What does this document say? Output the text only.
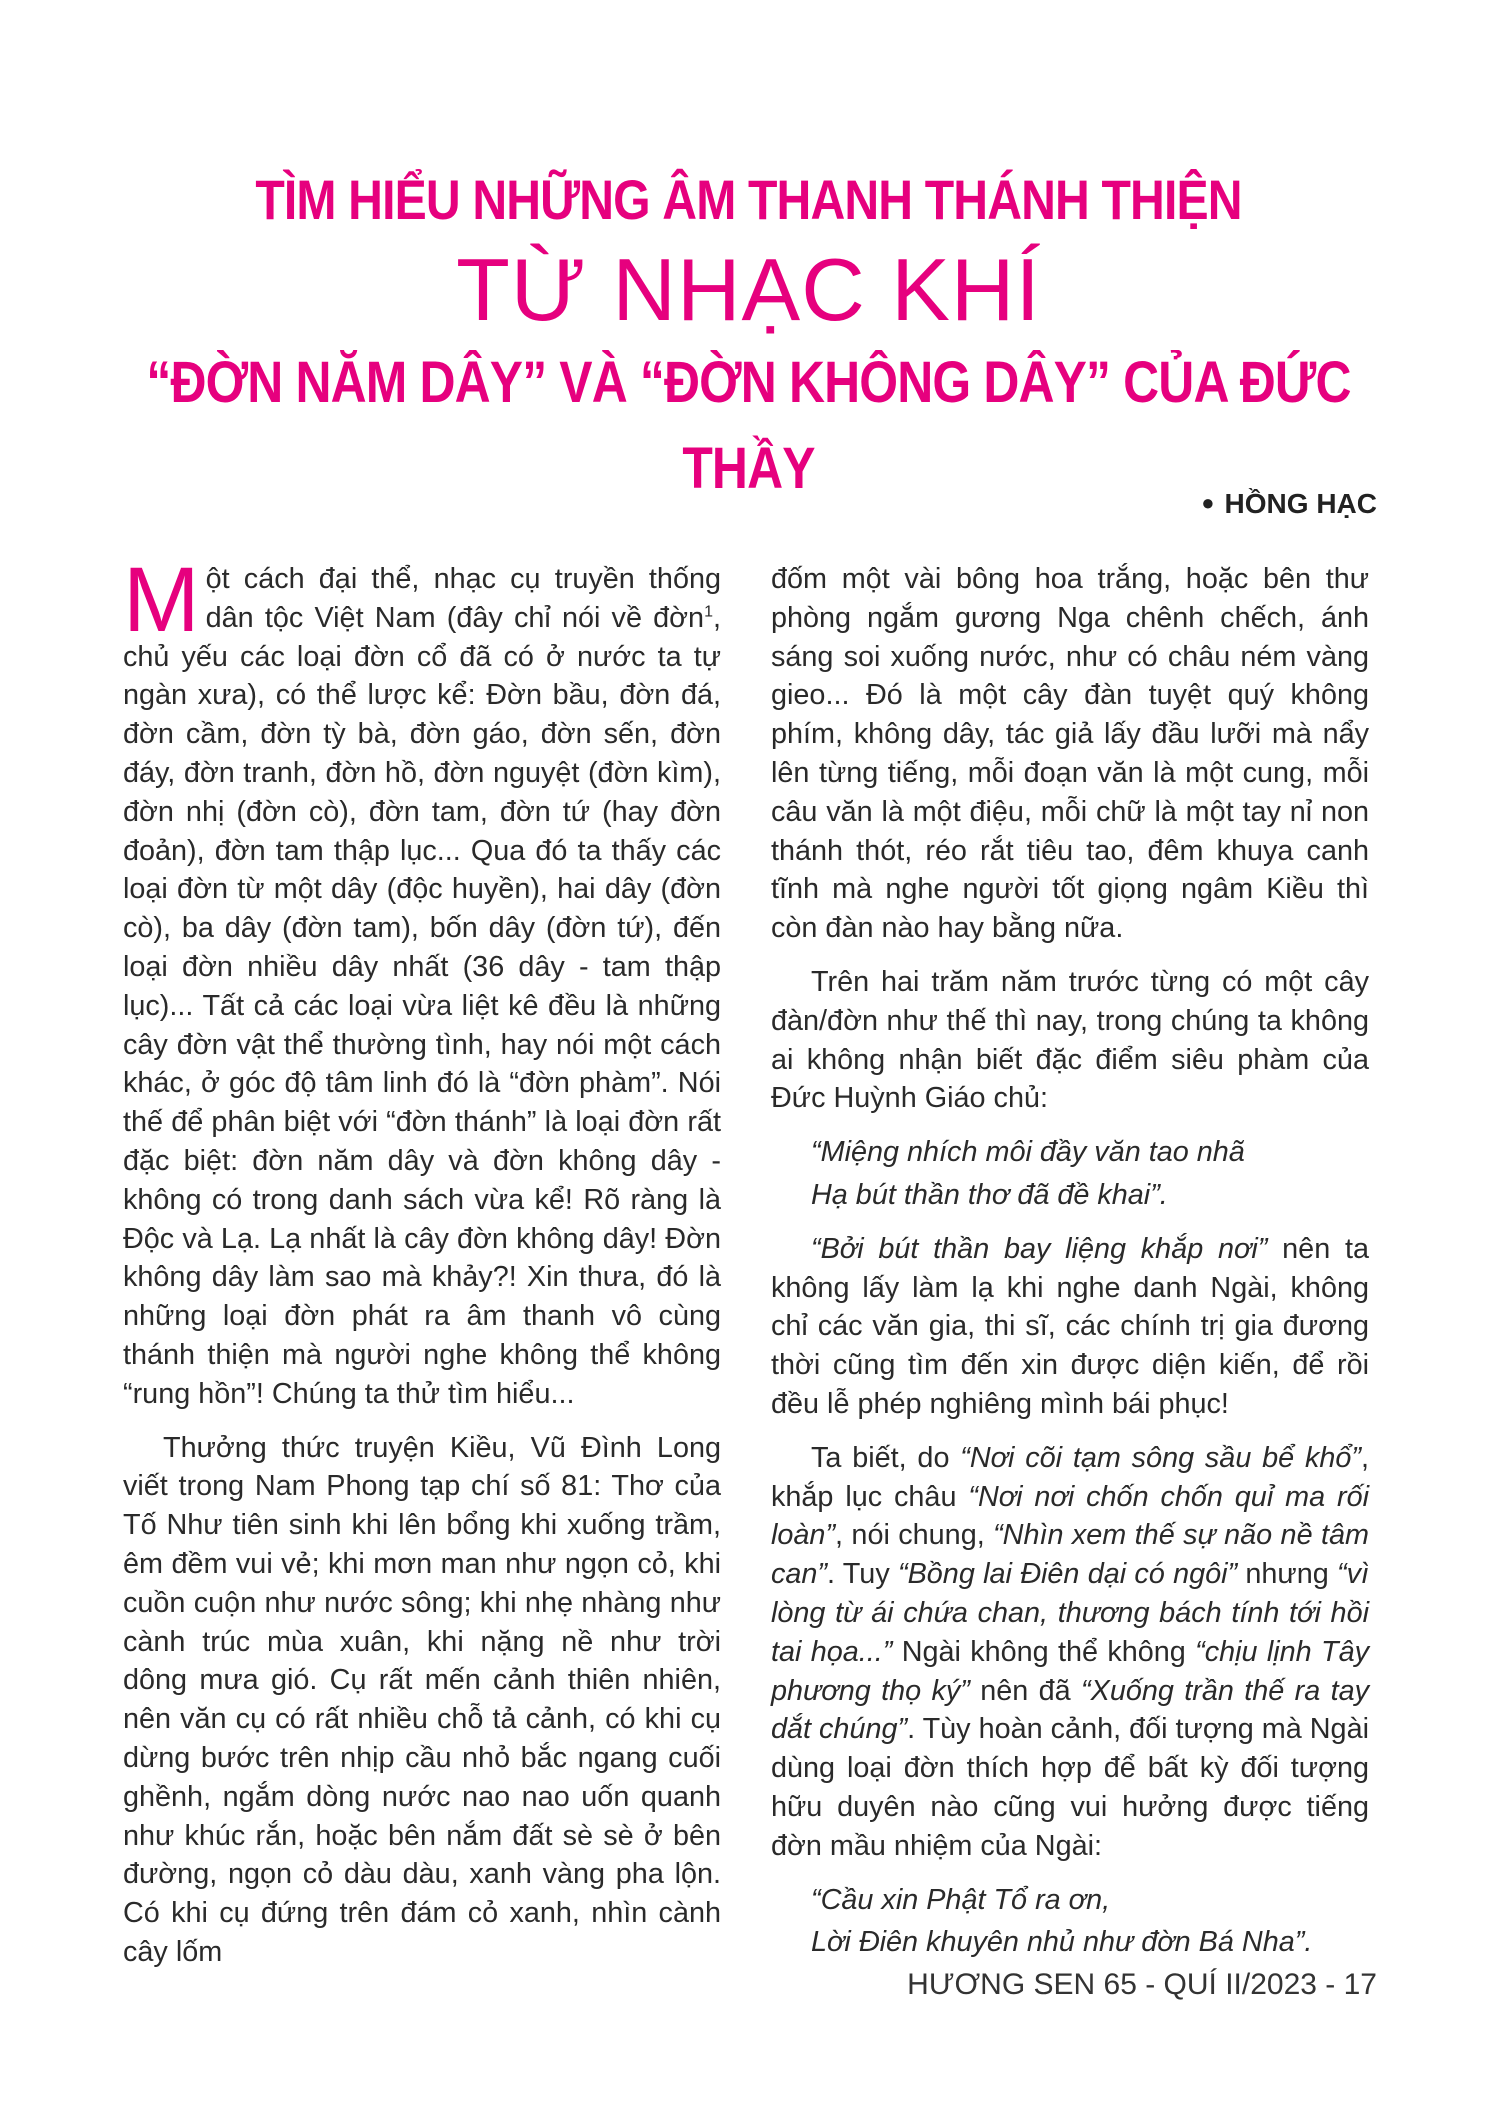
TÌM HIỂU NHỮNG ÂM THANH THÁNH THIỆN
TỪ NHẠC KHÍ
“ĐỜN NĂM DÂY” VÀ “ĐỜN KHÔNG DÂY” CỦA ĐỨC THẦY
● HỒNG HẠC

Một cách đại thể, nhạc cụ truyền thống dân tộc Việt Nam (đây chỉ nói về đờn$^1$, chủ yếu các loại đờn cổ đã có ở nước ta tự ngàn xưa), có thể lược kể: Đờn bầu, đờn đá, đờn cầm, đờn tỳ bà, đờn gáo, đờn sến, đờn đáy, đờn tranh, đờn hồ, đờn nguyệt (đờn kìm), đờn nhị (đờn cò), đờn tam, đờn tứ (hay đờn đoản), đờn tam thập lục... Qua đó ta thấy các loại đờn từ một dây (độc huyền), hai dây (đờn cò), ba dây (đờn tam), bốn dây (đờn tứ), đến loại đờn nhiều dây nhất (36 dây - tam thập lục)... Tất cả các loại vừa liệt kê đều là những cây đờn vật thể thường tình, hay nói một cách khác, ở góc độ tâm linh đó là “đờn phàm”. Nói thế để phân biệt với “đờn thánh” là loại đờn rất đặc biệt: đờn năm dây và đờn không dây - không có trong danh sách vừa kể! Rõ ràng là Độc và Lạ. Lạ nhất là cây đờn không dây! Đờn không dây làm sao mà khảy?! Xin thưa, đó là những loại đờn phát ra âm thanh vô cùng thánh thiện mà người nghe không thể không “rung hồn”! Chúng ta thử tìm hiểu...

Thưởng thức truyện Kiều, Vũ Đình Long viết trong Nam Phong tạp chí số 81: Thơ của Tố Như tiên sinh khi lên bổng khi xuống trầm, êm đềm vui vẻ; khi mơn man như ngọn cỏ, khi cuồn cuộn như nước sông; khi nhẹ nhàng như cành trúc mùa xuân, khi nặng nề như trời dông mưa gió. Cụ rất mến cảnh thiên nhiên, nên văn cụ có rất nhiều chỗ tả cảnh, có khi cụ dừng bước trên nhịp cầu nhỏ bắc ngang cuối ghềnh, ngắm dòng nước nao nao uốn quanh như khúc rắn, hoặc bên nắm đất sè sè ở bên đường, ngọn cỏ dàu dàu, xanh vàng pha lộn. Có khi cụ đứng trên đám cỏ xanh, nhìn cành cây lốm

đốm một vài bông hoa trắng, hoặc bên thư phòng ngắm gương Nga chênh chếch, ánh sáng soi xuống nước, như có châu ném vàng gieo... Đó là một cây đàn tuyệt quý không phím, không dây, tác giả lấy đầu lưỡi mà nẩy lên từng tiếng, mỗi đoạn văn là một cung, mỗi câu văn là một điệu, mỗi chữ là một tay nỉ non thánh thót, réo rắt tiêu tao, đêm khuya canh tĩnh mà nghe người tốt giọng ngâm Kiều thì còn đàn nào hay bằng nữa.

Trên hai trăm năm trước từng có một cây đàn/đờn như thế thì nay, trong chúng ta không ai không nhận biết đặc điểm siêu phàm của Đức Huỳnh Giáo chủ:

“Miệng nhích môi đầy văn tao nhã

Hạ bút thần thơ đã đề khai”.

“Bởi bút thần bay liệng khắp nơi” nên ta không lấy làm lạ khi nghe danh Ngài, không chỉ các văn gia, thi sĩ, các chính trị gia đương thời cũng tìm đến xin được diện kiến, để rồi đều lễ phép nghiêng mình bái phục!

Ta biết, do “Nơi cõi tạm sông sầu bể khổ”, khắp lục châu “Nơi nơi chốn chốn quỉ ma rối loàn”, nói chung, “Nhìn xem thế sự não nề tâm can”. Tuy “Bồng lai Điên dại có ngôi” nhưng “vì lòng từ ái chứa chan, thương bách tính tới hồi tai họa...” Ngài không thể không “chịu lịnh Tây phương thọ ký” nên đã “Xuống trần thế ra tay dắt chúng”. Tùy hoàn cảnh, đối tượng mà Ngài dùng loại đờn thích hợp để bất kỳ đối tượng hữu duyên nào cũng vui hưởng được tiếng đờn mầu nhiệm của Ngài:

“Cầu xin Phật Tổ ra ơn,

Lời Điên khuyên nhủ như đờn Bá Nha”.

HƯƠNG SEN 65 - QUÍ II/2023 - 17
